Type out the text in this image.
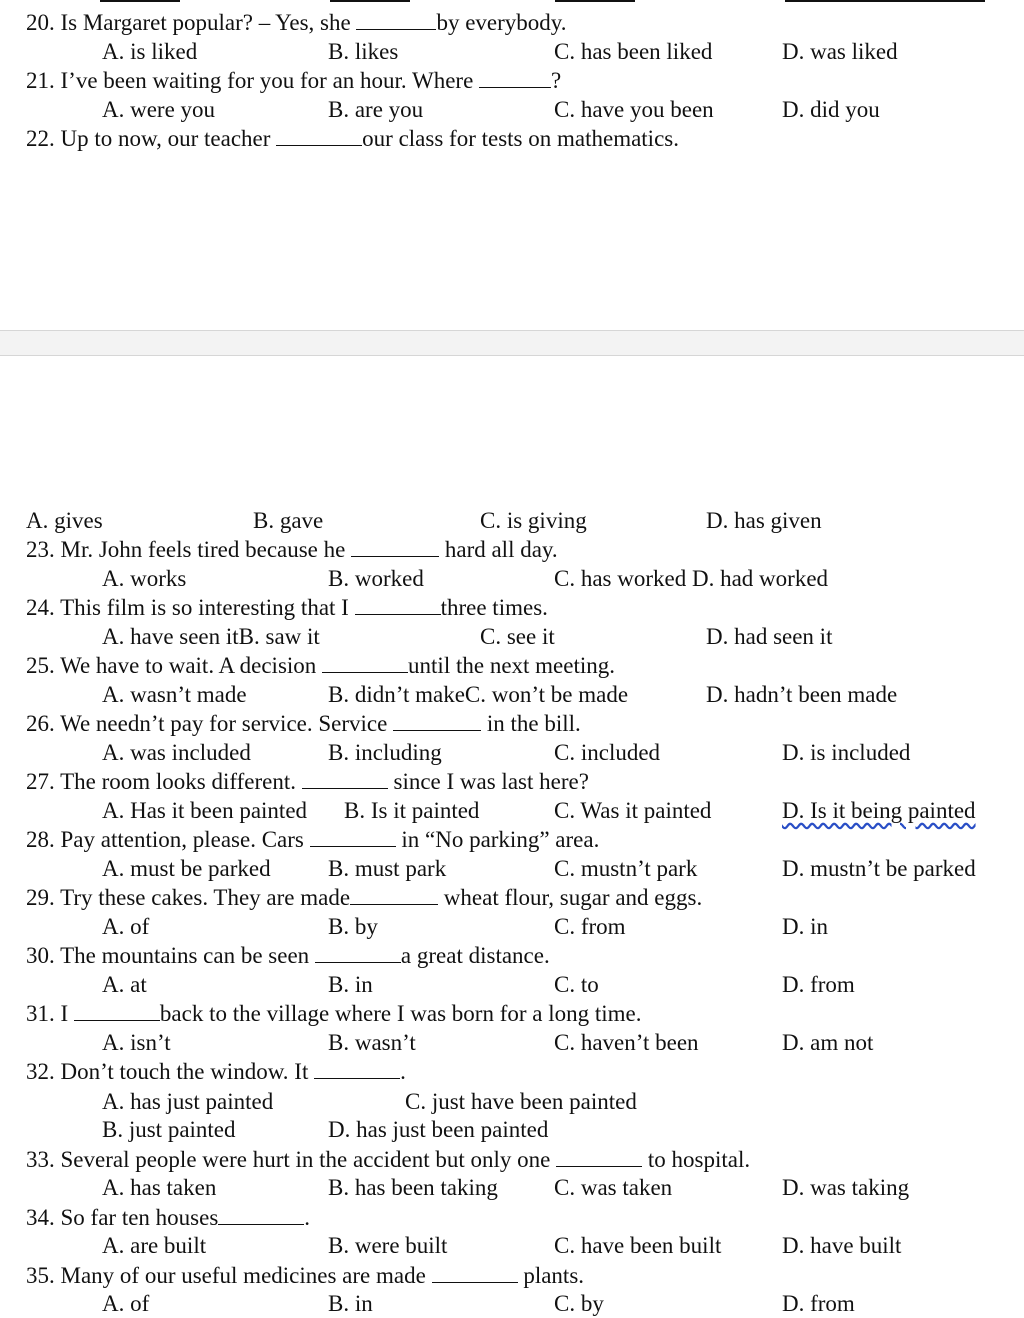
20. Is Margaret popular? – Yes, she	by everybody.
A. is liked	B. likes	C. has been liked	D. was liked
21. I’ve been waiting for you for an hour. Where	?
A. were you	B. are you	C. have you been	D. did you
22. Up to now, our teacher	our class for tests on mathematics.
A. gives	B. gave	C. is giving	D. has given
23. Mr. John feels tired because he	hard all day.
A. works	B. worked	C. has worked D. had worked
24. This film is so interesting that I	three times.
A. have seen itB. saw it	C. see it	D. had seen it
25. We have to wait. A decision	until the next meeting.
A. wasn’t made	B. didn’t makeC. won’t be made	D. hadn’t been made
26. We needn’t pay for service. Service	in the bill.
A. was included	B. including	C. included	D. is included
27. The room looks different.	since I was last here?
A. Has it been painted B. Is it painted	C. Was it painted	D. Is it being painted
28. Pay attention, please. Cars	in “No parking” area.
A. must be parked B. must park	C. mustn’t park	D. mustn’t be parked
29. Try these cakes. They are made	wheat flour, sugar and eggs.
A. of	B. by	C. from	D. in
30. The mountains can be seen	a great distance.
A. at	B. in	C. to	D. from
31. I	back to the village where I was born for a long time.
A. isn’t	B. wasn’t	C. haven’t been	D. am not
32. Don’t touch the window. It	.
A. has just painted	C. just have been painted
B. just painted	D. has just been painted
33. Several people were hurt in the accident but only one	to hospital.
A. has taken	B. has been taking C. was taken	D. was taking
34. So far ten houses	.
A. are built	B. were built	C. have been built	D. have built
35. Many of our useful medicines are made	plants.
A. of	B. in	C. by	D. from
